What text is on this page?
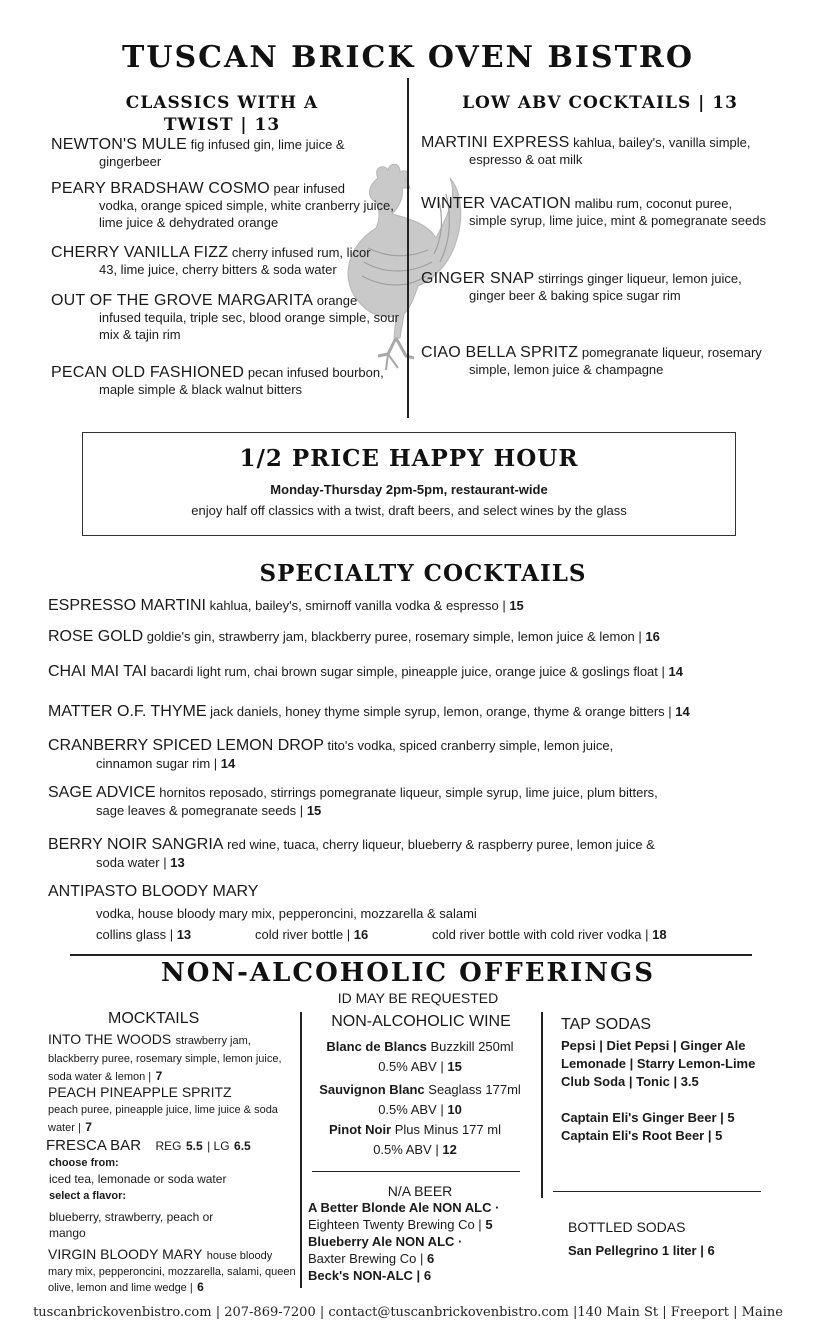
TUSCAN BRICK OVEN BISTRO
CLASSICS WITH A TWIST | 13
NEWTON'S MULE fig infused gin, lime juice &
gingerbeer
PEARY BRADSHAW COSMO pear infused
vodka, orange spiced simple, white cranberry juice, lime juice & dehydrated orange
CHERRY VANILLA FIZZ cherry infused rum, licor
43, lime juice, cherry bitters & soda water
OUT OF THE GROVE MARGARITA orange
infused tequila, triple sec, blood orange simple, sour mix & tajin rim
PECAN OLD FASHIONED pecan infused bourbon,
maple simple & black walnut bitters
LOW ABV COCKTAILS | 13
MARTINI EXPRESS kahlua, bailey's, vanilla simple,
espresso & oat milk
WINTER VACATION malibu rum, coconut puree,
simple syrup, lime juice, mint & pomegranate seeds
GINGER SNAP stirrings ginger liqueur, lemon juice,
ginger beer & baking spice sugar rim
CIAO BELLA SPRITZ pomegranate liqueur, rosemary
simple, lemon juice & champagne
1/2 PRICE HAPPY HOUR
Monday-Thursday 2pm-5pm, restaurant-wide
enjoy half off classics with a twist, draft beers, and select wines by the glass
SPECIALTY COCKTAILS
ESPRESSO MARTINI kahlua, bailey's, smirnoff vanilla vodka & espresso | 15
ROSE GOLD goldie's gin, strawberry jam, blackberry puree, rosemary simple, lemon juice & lemon | 16
CHAI MAI TAI bacardi light rum, chai brown sugar simple, pineapple juice, orange juice & goslings float | 14
MATTER O.F. THYME jack daniels, honey thyme simple syrup, lemon, orange, thyme & orange bitters | 14
CRANBERRY SPICED LEMON DROP tito's vodka, spiced cranberry simple, lemon juice,
cinnamon sugar rim | 14
SAGE ADVICE hornitos reposado, stirrings pomegranate liqueur, simple syrup, lime juice, plum bitters,
sage leaves & pomegranate seeds | 15
BERRY NOIR SANGRIA red wine, tuaca, cherry liqueur, blueberry & raspberry puree, lemon juice &
soda water | 13
ANTIPASTO BLOODY MARY
vodka, house bloody mary mix, pepperoncini, mozzarella & salami
collins glass | 13	cold river bottle | 16	cold river bottle with cold river vodka | 18
NON-ALCOHOLIC OFFERINGS
ID MAY BE REQUESTED
MOCKTAILS
INTO THE WOODS strawberry jam, blackberry puree, rosemary simple, lemon juice, soda water & lemon | 7
PEACH PINEAPPLE SPRITZ
peach puree, pineapple juice, lime juice & soda water | 7
FRESCA BAR REG 5.5 | LG 6.5
choose from:
iced tea, lemonade or soda water
select a flavor:
blueberry, strawberry, peach or mango
VIRGIN BLOODY MARY house bloody mary mix, pepperoncini, mozzarella, salami, queen olive, lemon and lime wedge | 6
NON-ALCOHOLIC WINE
Blanc de Blancs Buzzkill 250ml
0.5% ABV | 15
Sauvignon Blanc Seaglass 177ml
0.5% ABV | 10
Pinot Noir Plus Minus 177 ml
0.5% ABV | 12
N/A BEER
A Better Blonde Ale NON ALC ·
Eighteen Twenty Brewing Co | 5
Blueberry Ale NON ALC ·
Baxter Brewing Co | 6
Beck's NON-ALC | 6
TAP SODAS
Pepsi | Diet Pepsi | Ginger Ale
Lemonade | Starry Lemon-Lime
Club Soda | Tonic | 3.5
Captain Eli's Ginger Beer | 5
Captain Eli's Root Beer | 5
BOTTLED SODAS
San Pellegrino 1 liter | 6
tuscanbrickovenbistro.com | 207-869-7200 | contact@tuscanbrickovenbistro.com |140 Main St | Freeport | Maine
